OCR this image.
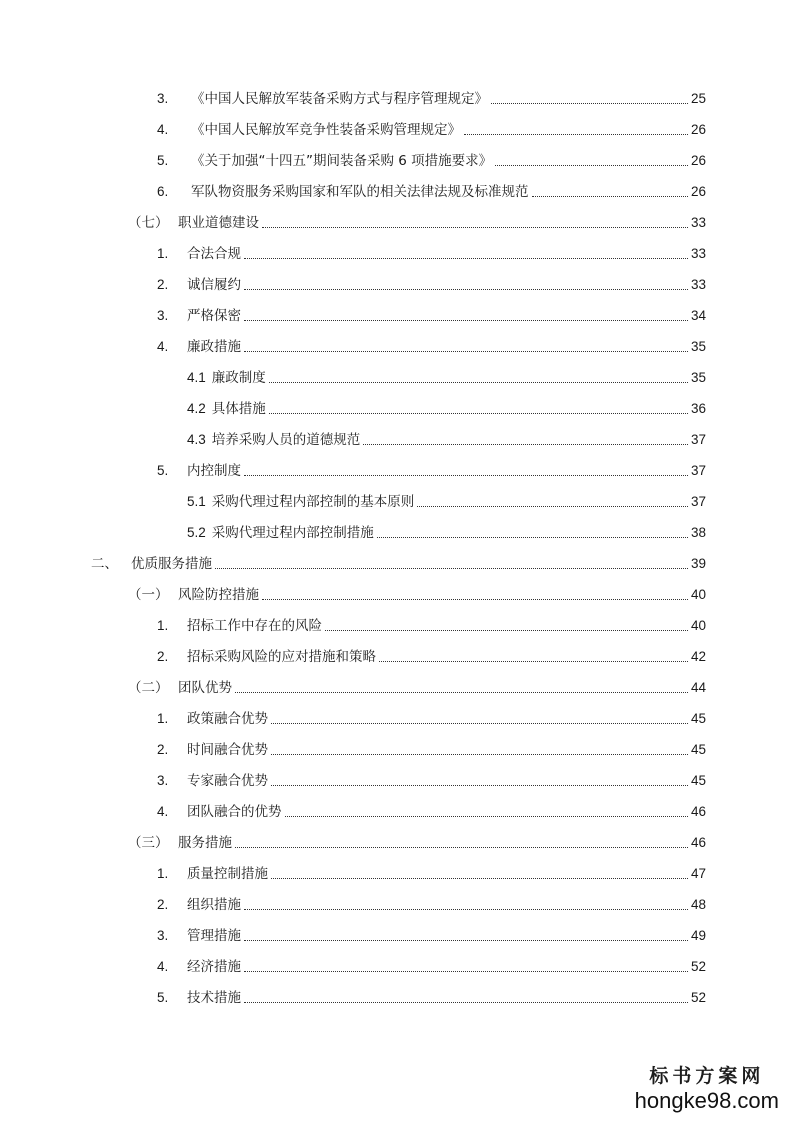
3.	《中国人民解放军装备采购方式与程序管理规定》	25
4.	《中国人民解放军竞争性装备采购管理规定》	26
5.	《关于加强“十四五”期间装备采购 6 项措施要求》	26
6.	军队物资服务采购国家和军队的相关法律法规及标准规范	26
（七） 职业道德建设	33
1.	合法合规	33
2.	诚信履约	33
3.	严格保密	34
4.	廉政措施	35
4.1 廉政制度	35
4.2 具体措施	36
4.3 培养采购人员的道德规范	37
5.	内控制度	37
5.1 采购代理过程内部控制的基本原则	37
5.2 采购代理过程内部控制措施	38
二、 优质服务措施	39
（一） 风险防控措施	40
1.	招标工作中存在的风险	40
2.	招标采购风险的应对措施和策略	42
（二） 团队优势	44
1.	政策融合优势	45
2.	时间融合优势	45
3.	专家融合优势	45
4.	团队融合的优势	46
（三） 服务措施	46
1.	质量控制措施	47
2.	组织措施	48
3.	管理措施	49
4.	经济措施	52
5.	技术措施	52
标书方案网
hongke98.com
